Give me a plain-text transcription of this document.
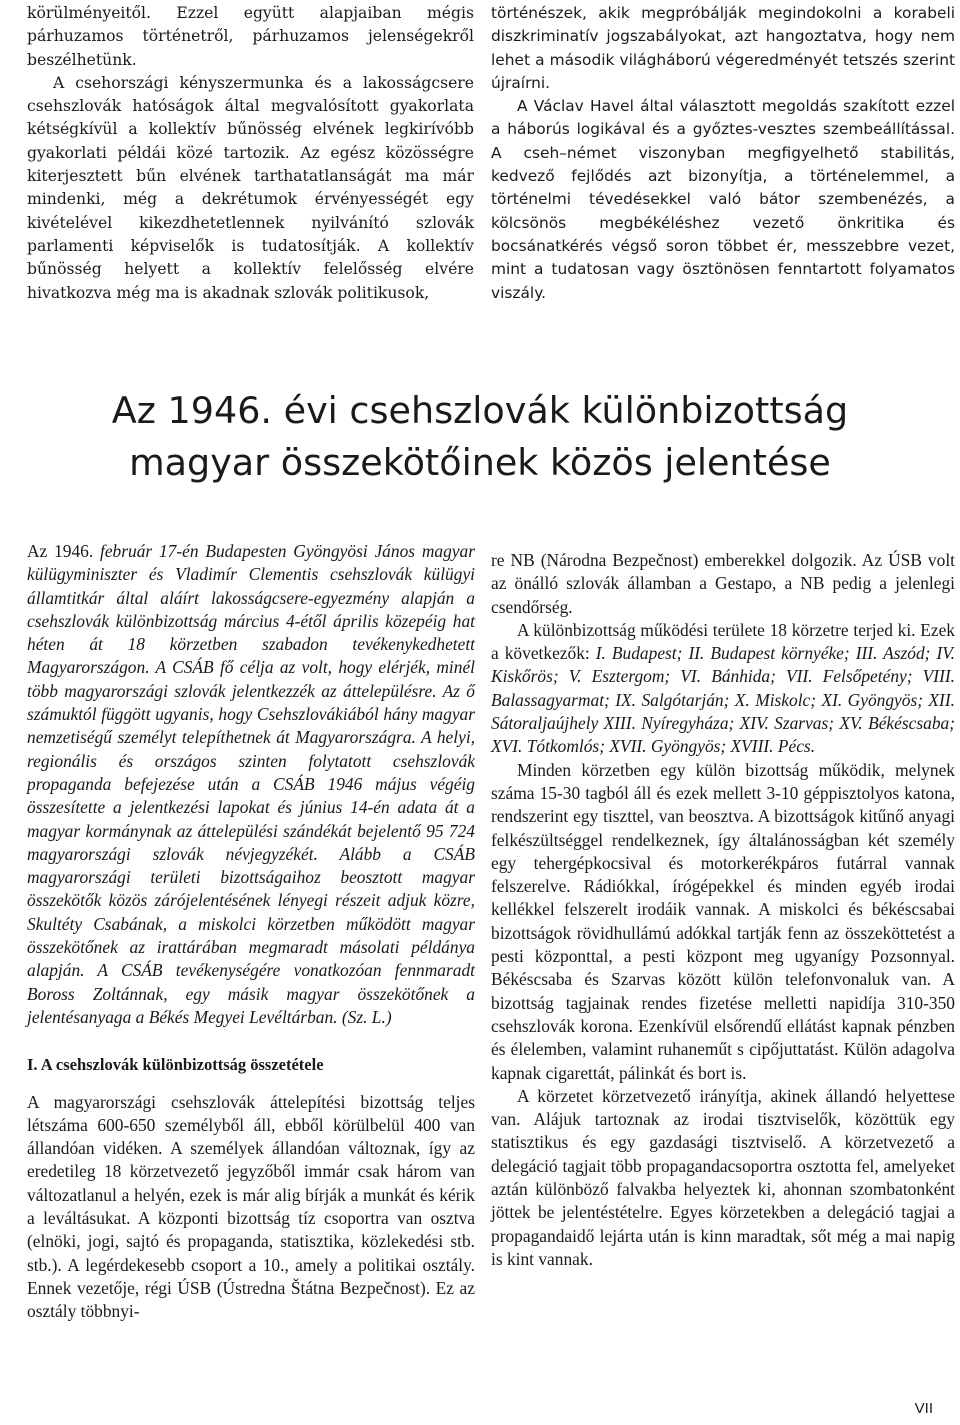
körülményeitől. Ezzel együtt alapjaiban mégis párhuzamos történetről, párhuzamos jelenségekről beszélhetünk.

A csehországi kényszermunka és a lakosságcsere csehszlovák hatóságok által megvalósított gyakorlata kétségkívül a kollektív bűnösség elvének legkirívóbb gyakorlati példái közé tartozik. Az egész közösségre kiterjesztett bűn elvének tarthatatlanságát ma már mindenki, még a dekrétumok érvényességét egy kivételével kikezdhetetlennek nyilvánító szlovák parlamenti képviselők is tudatosítják. A kollektív bűnösség helyett a kollektív felelősség elvére hivatkozva még ma is akadnak szlovák politikusok,

történészek, akik megpróbálják megindokolni a korabeli diszkriminatív jogszabályokat, azt hangoztatva, hogy nem lehet a második világháború végeredményét tetszés szerint újraírni.

A Václav Havel által választott megoldás szakított ezzel a háborús logikával és a győztes-vesztes szembeállítással. A cseh–német viszonyban megfigyelhető stabilitás, kedvező fejlődés azt bizonyítja, a történelemmel, a történelmi tévedésekkel való bátor szembenézés, a kölcsönös megbékéléshez vezető önkritika és bocsánatkérés végső soron többet ér, messzebbre vezet, mint a tudatosan vagy ösztönösen fenntartott folyamatos viszály.

Az 1946. évi csehszlovák különbizottság
magyar összekötőinek közös jelentése

Az 1946. február 17-én Budapesten Gyöngyösi János magyar külügyminiszter és Vladimír Clementis csehszlovák külügyi államtitkár által aláírt lakosságcsere-egyezmény alapján a csehszlovák különbizottság március 4-étől április közepéig hat héten át 18 körzetben szabadon tevékenykedhetett Magyarországon. A CSÁB fő célja az volt, hogy elérjék, minél több magyarországi szlovák jelentkezzék az áttelepülésre. Az ő számuktól függött ugyanis, hogy Csehszlovákiából hány magyar nemzetiségű személyt telepíthetnek át Magyarországra. A helyi, regionális és országos szinten folytatott csehszlovák propaganda befejezése után a CSÁB 1946 május végéig összesítette a jelentkezési lapokat és június 14-én adata át a magyar kormánynak az áttelepülési szándékát bejelentő 95 724 magyarországi szlovák névjegyzékét. Alább a CSÁB magyarországi területi bizottságaihoz beosztott magyar összekötők közös zárójelentésének lényegi részeit adjuk közre, Skultéty Csabának, a miskolci körzetben működött magyar összekötőnek az irattárában megmaradt másolati példánya alapján. A CSÁB tevékenységére vonatkozóan fennmaradt Boross Zoltánnak, egy másik magyar összekötőnek a jelentésanyaga a Békés Megyei Levéltárban. (Sz. L.)

I. A csehszlovák különbizottság összetétele

A magyarországi csehszlovák áttelepítési bizottság teljes létszáma 600-650 személyből áll, ebből körülbelül 400 van állandóan vidéken. A személyek állandóan változnak, így az eredetileg 18 körzetvezető jegyzőből immár csak három van változatlanul a helyén, ezek is már alig bírják a munkát és kérik a leváltásukat. A központi bizottság tíz csoportra van osztva (elnöki, jogi, sajtó és propaganda, statisztika, közlekedési stb. stb.). A legérdekesebb csoport a 10., amely a politikai osztály. Ennek vezetője, régi ÚSB (Ústredna Štátna Bezpečnost). Ez az osztály többnyi-

re NB (Národna Bezpečnost) emberekkel dolgozik. Az ÚSB volt az önálló szlovák államban a Gestapo, a NB pedig a jelenlegi csendőrség.

A különbizottság működési területe 18 körzetre terjed ki. Ezek a következők: I. Budapest; II. Budapest környéke; III. Aszód; IV. Kiskőrös; V. Esztergom; VI. Bánhida; VII. Felsőpetény; VIII. Balassagyarmat; IX. Salgótarján; X. Miskolc; XI. Gyöngyös; XII. Sátoraljaújhely XIII. Nyíregyháza; XIV. Szarvas; XV. Békéscsaba; XVI. Tótkomlós; XVII. Gyöngyös; XVIII. Pécs.

Minden körzetben egy külön bizottság működik, melynek száma 15-30 tagból áll és ezek mellett 3-10 géppisztolyos katona, rendszerint egy tiszttel, van beosztva. A bizottságok kitűnő anyagi felkészültséggel rendelkeznek, így általánosságban két személy egy tehergépkocsival és motorkerékpáros futárral vannak felszerelve. Rádiókkal, írógépekkel és minden egyéb irodai kellékkel felszerelt irodáik vannak. A miskolci és békéscsabai bizottságok rövidhullámú adókkal tartják fenn az összeköttetést a pesti központtal, a pesti központ meg ugyanígy Pozsonnyal. Békéscsaba és Szarvas között külön telefonvonaluk van. A bizottság tagjainak rendes fizetése melletti napidíja 310-350 csehszlovák korona. Ezenkívül elsőrendű ellátást kapnak pénzben és élelemben, valamint ruhaneműt s cipőjuttatást. Külön adagolva kapnak cigarettát, pálinkát és bort is.

A körzetet körzetvezető irányítja, akinek állandó helyettese van. Alájuk tartoznak az irodai tisztviselők, közöttük egy statisztikus és egy gazdasági tisztviselő. A körzetvezető a delegáció tagjait több propagandacsoportra osztotta fel, amelyeket aztán különböző falvakba helyeztek ki, ahonnan szombatonként jöttek be jelentéstételre. Egyes körzetekben a delegáció tagjai a propagandaidő lejárta után is kinn maradtak, sőt még a mai napig is kint vannak.

VII
